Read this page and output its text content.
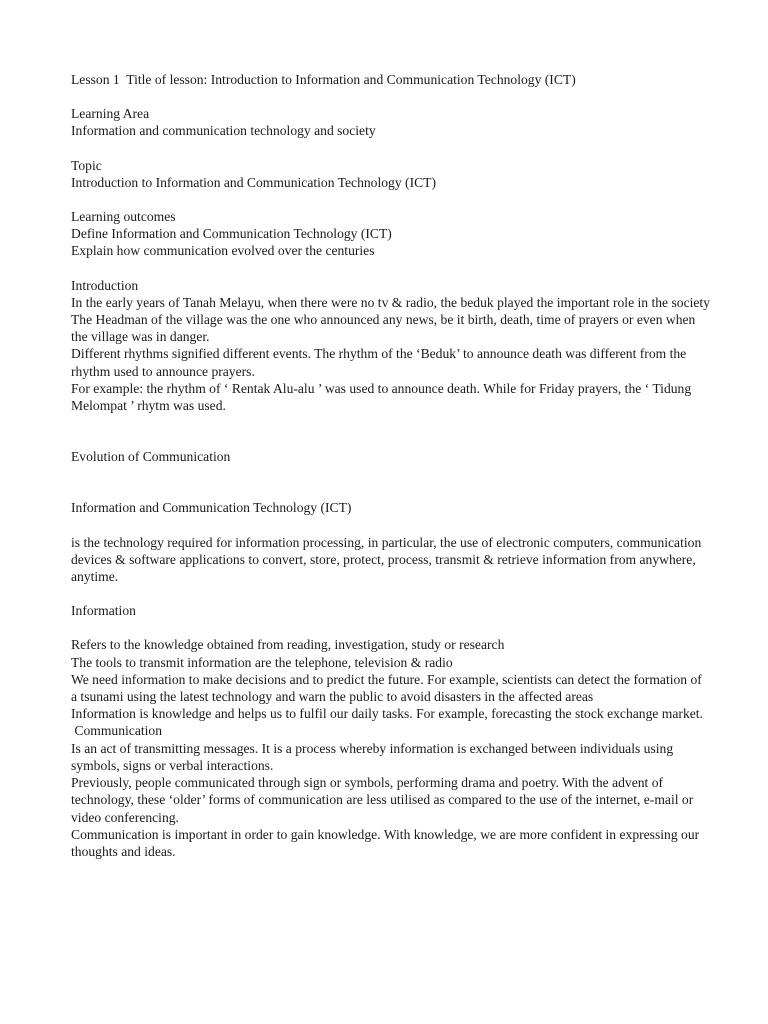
Lesson 1  Title of lesson: Introduction to Information and Communication Technology (ICT)

Learning Area

Information and communication technology and society

Topic

Introduction to Information and Communication Technology (ICT)

Learning outcomes

Define Information and Communication Technology (ICT)

Explain how communication evolved over the centuries

Introduction

In the early years of Tanah Melayu, when there were no tv & radio, the beduk played the important role in the society

The Headman of the village was the one who announced any news, be it birth, death, time of prayers or even when the village was in danger.

Different rhythms signified different events. The rhythm of the ‘Beduk’ to announce death was different from the rhythm used to announce prayers.

For example: the rhythm of ‘ Rentak Alu-alu ’ was used to announce death. While for Friday prayers, the ‘ Tidung Melompat ’ rhytm was used.

Evolution of Communication

Information and Communication Technology (ICT)

is the technology required for information processing, in particular, the use of electronic computers, communication devices & software applications to convert, store, protect, process, transmit & retrieve information from anywhere, anytime.

Information

Refers to the knowledge obtained from reading, investigation, study or research

The tools to transmit information are the telephone, television & radio

We need information to make decisions and to predict the future. For example, scientists can detect the formation of a tsunami using the latest technology and warn the public to avoid disasters in the affected areas

Information is knowledge and helps us to fulfil our daily tasks. For example, forecasting the stock exchange market.

Communication

Is an act of transmitting messages. It is a process whereby information is exchanged between individuals using symbols, signs or verbal interactions.

Previously, people communicated through sign or symbols, performing drama and poetry. With the advent of technology, these ‘older’ forms of communication are less utilised as compared to the use of the internet, e-mail or video conferencing.

Communication is important in order to gain knowledge. With knowledge, we are more confident in expressing our thoughts and ideas.
